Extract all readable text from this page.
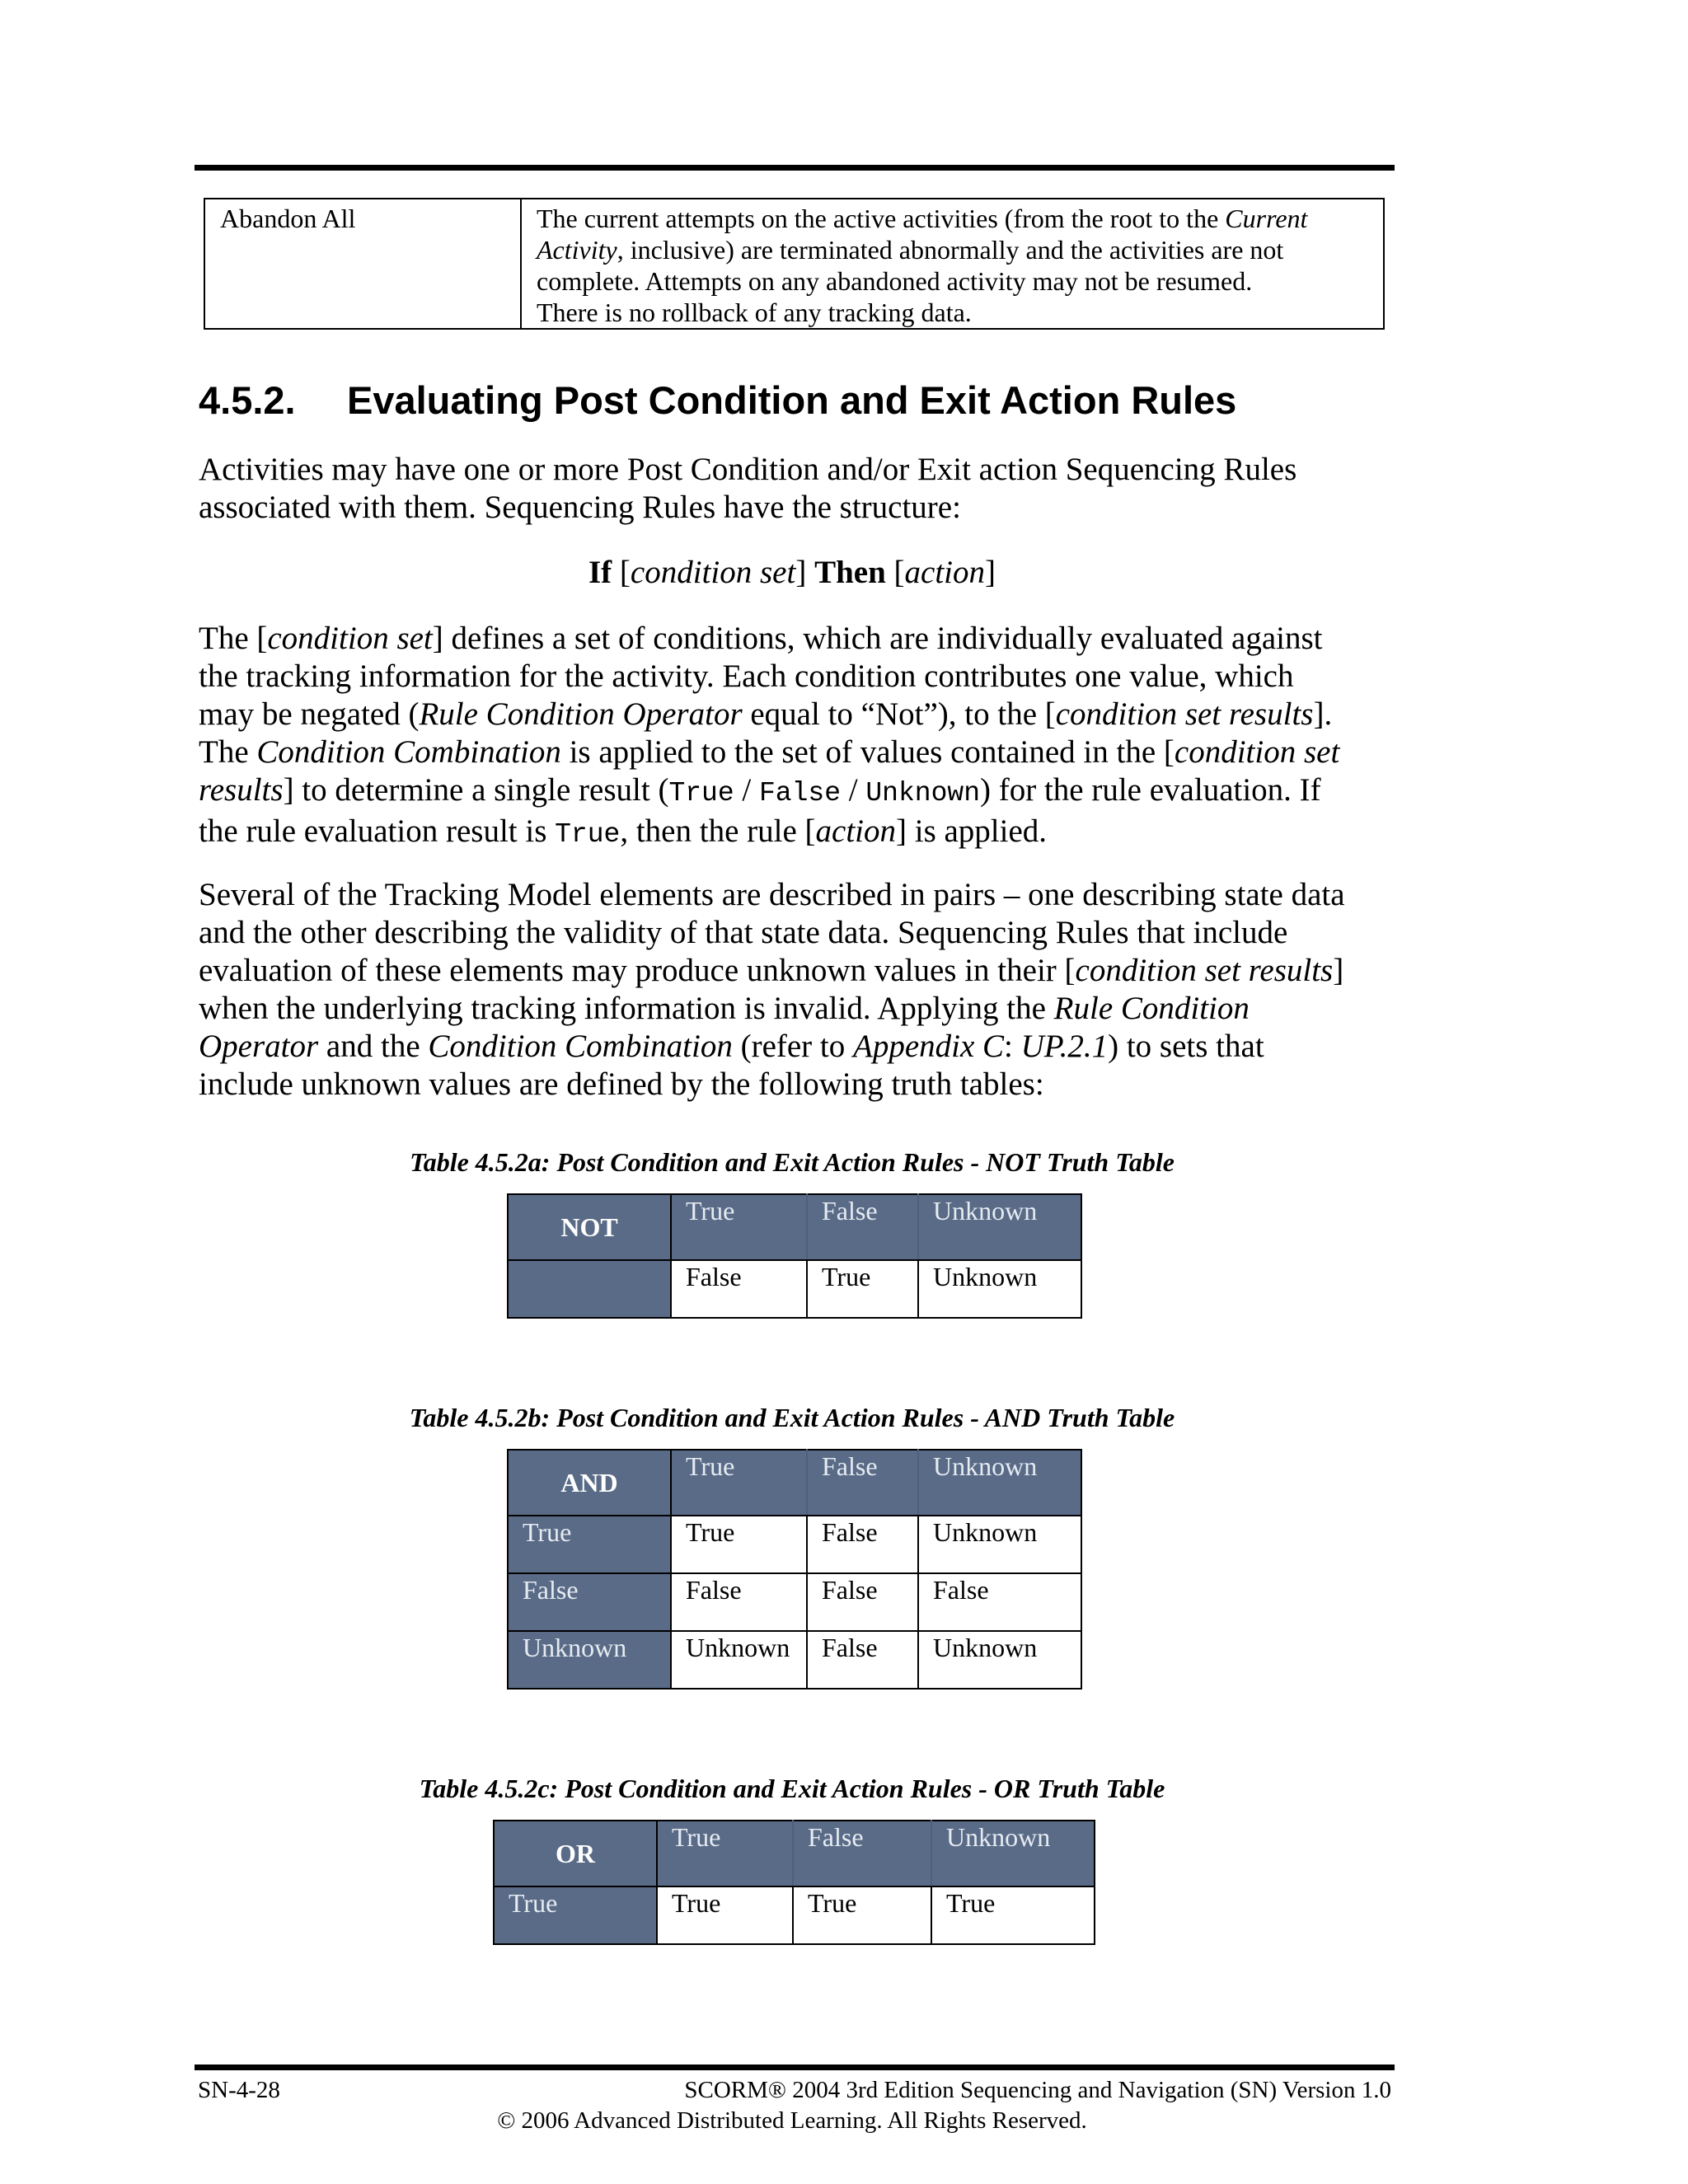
Abandon All	The current attempts on the active activities (from the root to the Current
Activity, inclusive) are terminated abnormally and the activities are not
complete. Attempts on any abandoned activity may not be resumed.
There is no rollback of any tracking data.
4.5.2. Evaluating Post Condition and Exit Action Rules

Activities may have one or more Post Condition and/or Exit action Sequencing Rules
associated with them. Sequencing Rules have the structure:

If [condition set] Then [action]

The [condition set] defines a set of conditions, which are individually evaluated against
the tracking information for the activity. Each condition contributes one value, which
may be negated (Rule Condition Operator equal to “Not”), to the [condition set results].
The Condition Combination is applied to the set of values contained in the [condition set
results] to determine a single result (True / False / Unknown) for the rule evaluation. If
the rule evaluation result is True, then the rule [action] is applied.

Several of the Tracking Model elements are described in pairs – one describing state data
and the other describing the validity of that state data. Sequencing Rules that include
evaluation of these elements may produce unknown values in their [condition set results]
when the underlying tracking information is invalid. Applying the Rule Condition
Operator and the Condition Combination (refer to Appendix C: UP.2.1) to sets that
include unknown values are defined by the following truth tables:

Table 4.5.2a: Post Condition and Exit Action Rules - NOT Truth Table
NOT	True	False	Unknown
	False	True	Unknown
Table 4.5.2b: Post Condition and Exit Action Rules - AND Truth Table
AND	True	False	Unknown
True	True	False	Unknown
False	False	False	False
Unknown	Unknown	False	Unknown
Table 4.5.2c: Post Condition and Exit Action Rules - OR Truth Table
OR	True	False	Unknown
True	True	True	True
SN-4-28	SCORM® 2004 3rd Edition Sequencing and Navigation (SN) Version 1.0
© 2006 Advanced Distributed Learning. All Rights Reserved.
